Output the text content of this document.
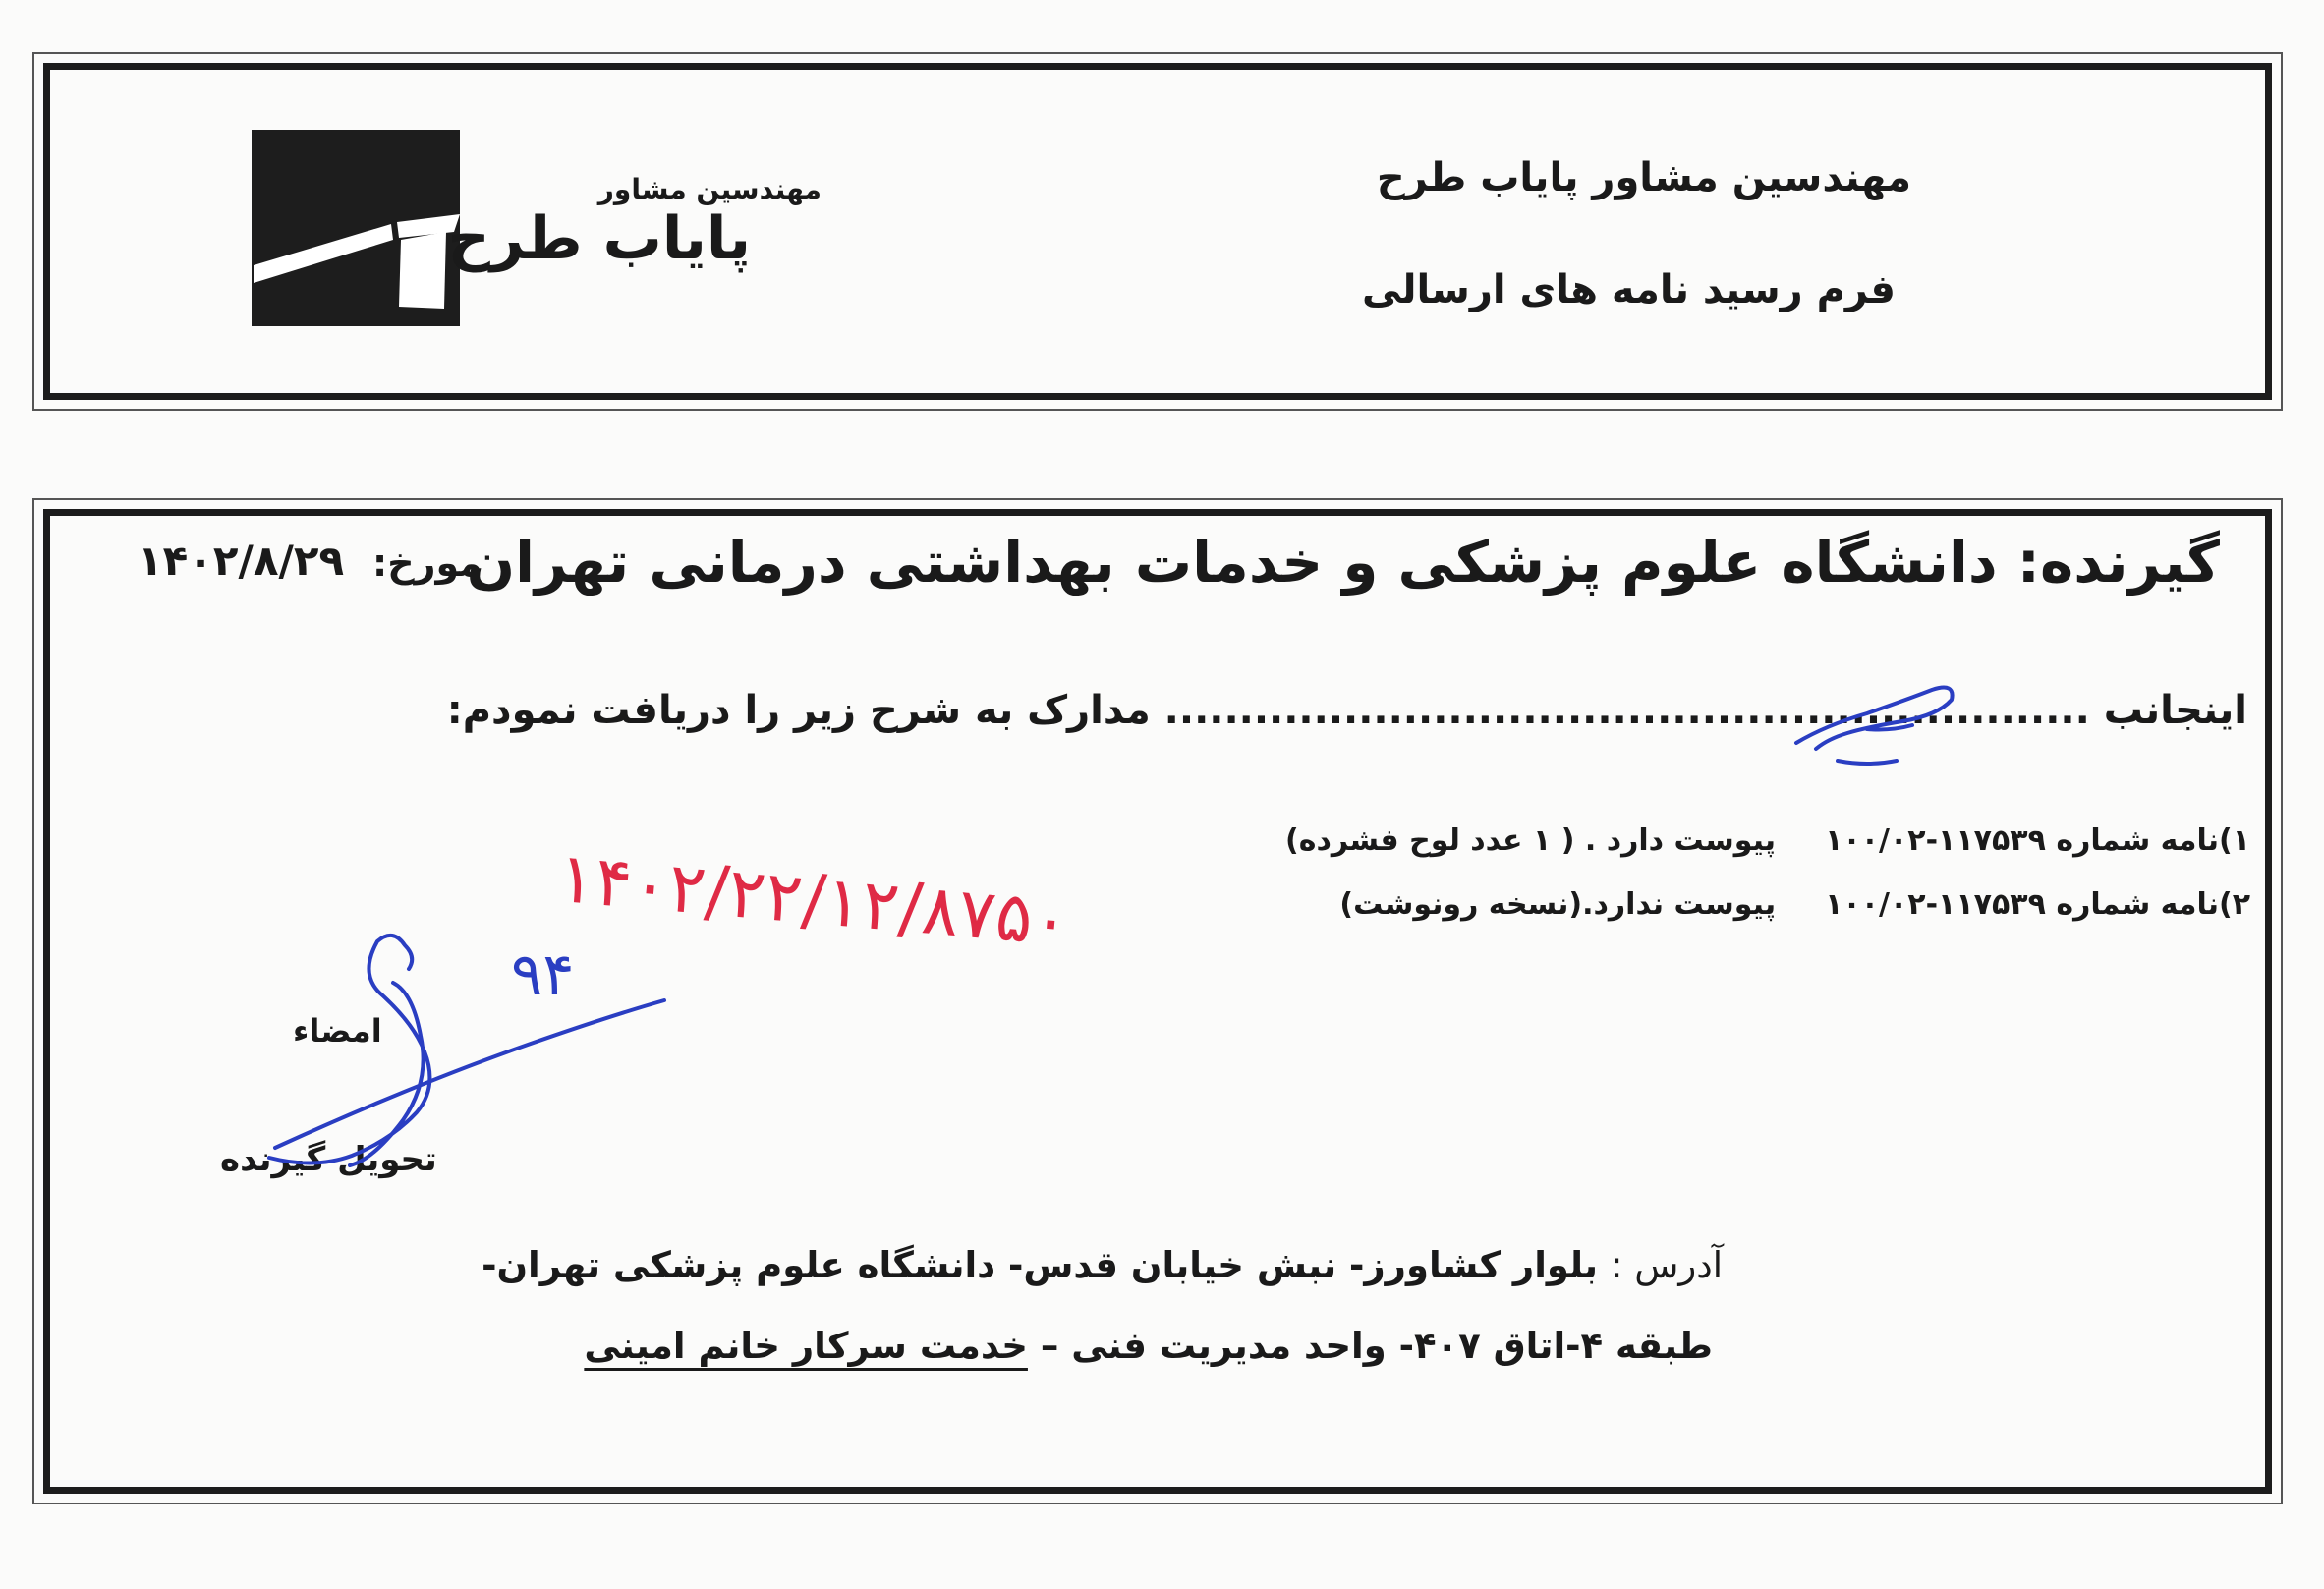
مهندسین مشاور پایاب طرح
فرم رسید نامه های ارسالی
مهندسین مشاور
پایاب طرح
گیرنده: دانشگاه علوم پزشکی و خدمات بهداشتی درمانی تهران
مورخ:
۱۴۰۲/۸/۲۹
اینجانب .............................................................. مدارک به شرح زیر را دریافت نمودم:
۱)نامه شماره ۱۱۷۵۳۹-۱۰۰/۰۲پیوست دارد . ( ۱ عدد لوح فشرده)
۲)نامه شماره ۱۱۷۵۳۹-۱۰۰/۰۲پیوست ندارد.(نسخه رونوشت)
امضاء
تحویل گیرنده
آدرس : بلوار کشاورز- نبش خیابان قدس- دانشگاه علوم پزشکی تهران-
طبقه ۴-اتاق ۴۰۷- واحد مدیریت فنی – خدمت سرکار خانم امینی
۹۴
۱۴۰۲/۲۲/۱۲/۸۷۵۰
